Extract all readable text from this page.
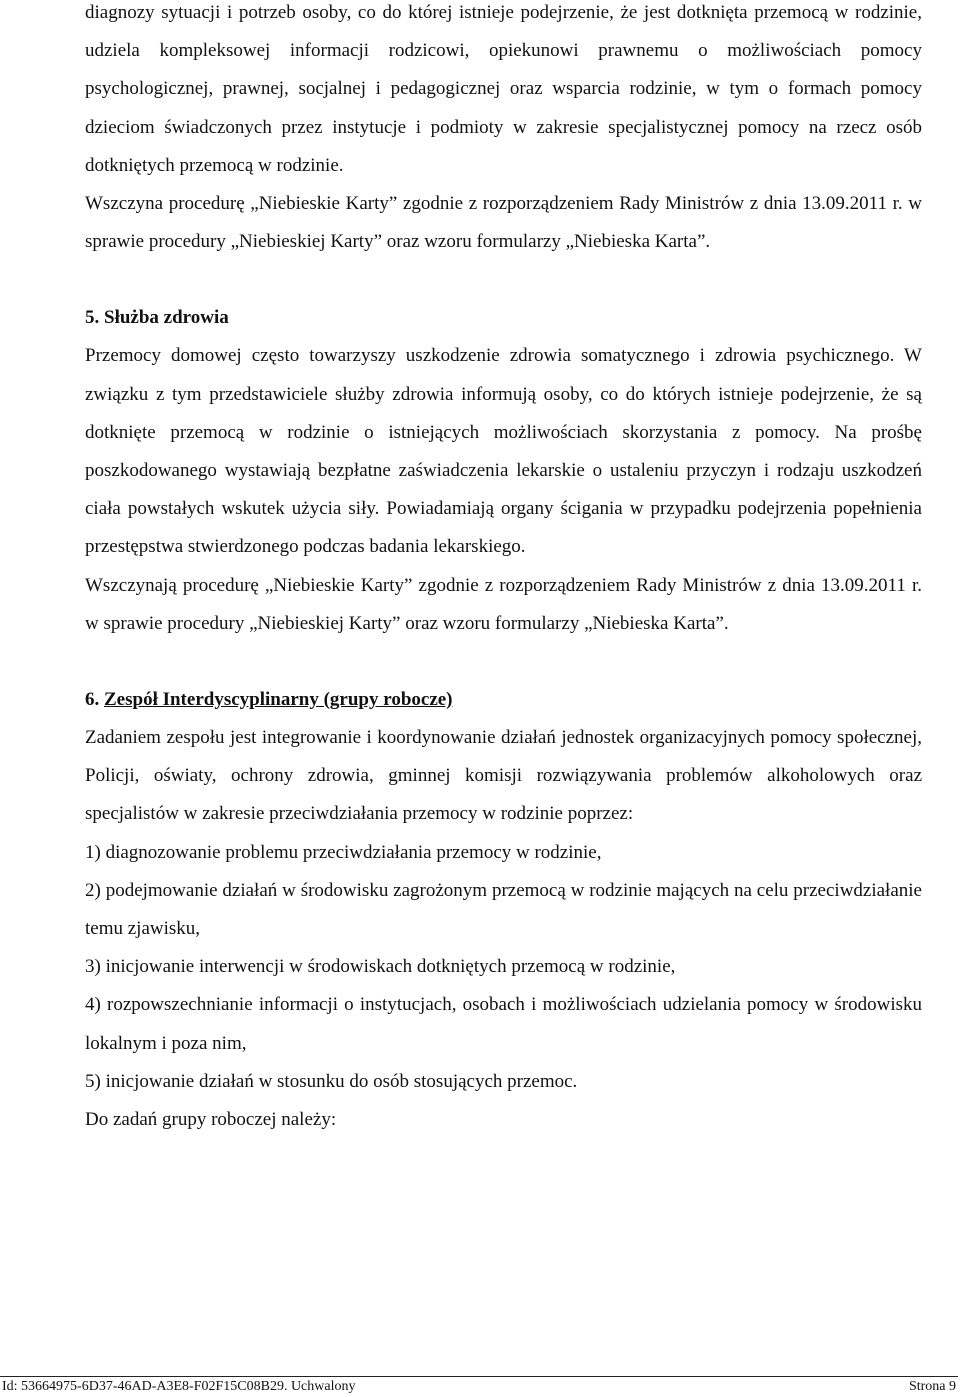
diagnozy sytuacji i potrzeb osoby, co do której istnieje podejrzenie, że jest dotknięta przemocą w rodzinie, udziela kompleksowej informacji rodzicowi, opiekunowi prawnemu o możliwościach pomocy psychologicznej, prawnej, socjalnej i pedagogicznej oraz wsparcia rodzinie, w tym o formach pomocy dzieciom świadczonych przez instytucje i podmioty w zakresie specjalistycznej pomocy na rzecz osób dotkniętych przemocą w rodzinie.

Wszczyna procedurę „Niebieskie Karty” zgodnie z rozporządzeniem Rady Ministrów z dnia 13.09.2011 r. w sprawie procedury „Niebieskiej Karty” oraz wzoru formularzy „Niebieska Karta”.

5. Służba zdrowia

Przemocy domowej często towarzyszy uszkodzenie zdrowia somatycznego i zdrowia psychicznego. W związku z tym przedstawiciele służby zdrowia informują osoby, co do których istnieje podejrzenie, że są dotknięte przemocą w rodzinie o istniejących możliwościach skorzystania z pomocy. Na prośbę poszkodowanego wystawiają bezpłatne zaświadczenia lekarskie o ustaleniu przyczyn i rodzaju uszkodzeń ciała powstałych wskutek użycia siły. Powiadamiają organy ścigania w przypadku podejrzenia popełnienia przestępstwa stwierdzonego podczas badania lekarskiego.

Wszczynają procedurę „Niebieskie Karty” zgodnie z rozporządzeniem Rady Ministrów z dnia 13.09.2011 r. w sprawie procedury „Niebieskiej Karty” oraz wzoru formularzy „Niebieska Karta”.

6. Zespół Interdyscyplinarny (grupy robocze)

Zadaniem zespołu jest integrowanie i koordynowanie działań jednostek organizacyjnych pomocy społecznej, Policji, oświaty, ochrony zdrowia, gminnej komisji rozwiązywania problemów alkoholowych oraz specjalistów w zakresie przeciwdziałania przemocy w rodzinie poprzez:

1) diagnozowanie problemu przeciwdziałania przemocy w rodzinie,

2) podejmowanie działań w środowisku zagrożonym przemocą w rodzinie mających na celu przeciwdziałanie temu zjawisku,

3) inicjowanie interwencji w środowiskach dotkniętych przemocą w rodzinie,

4) rozpowszechnianie informacji o instytucjach, osobach i możliwościach udzielania pomocy w środowisku lokalnym i poza nim,

5) inicjowanie działań w stosunku do osób stosujących przemoc.

Do zadań grupy roboczej należy:

Id: 53664975-6D37-46AD-A3E8-F02F15C08B29. Uchwalony	Strona 9
